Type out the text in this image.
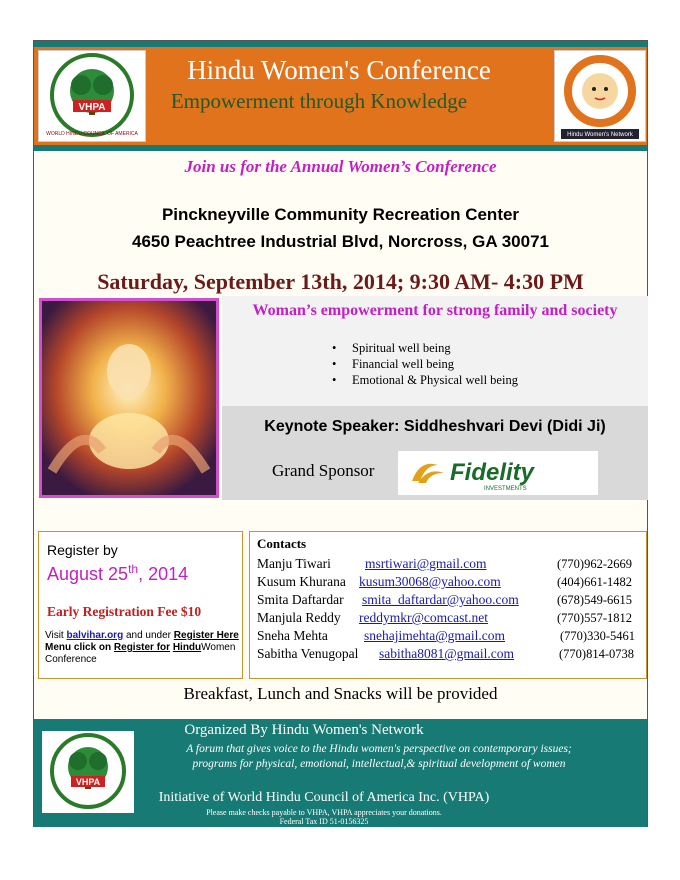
VHPA
WORLD HINDU COUNCIL OF AMERICA
Hindu Women's Conference
Empowerment through Knowledge
Hindu Women's Network
Join us for the Annual Women’s Conference
Pinckneyville Community Recreation Center
4650 Peachtree Industrial Blvd, Norcross, GA 30071
Saturday, September 13th, 2014; 9:30 AM- 4:30 PM
Woman’s empowerment for strong family and society
• Spiritual well being
• Financial well being
• Emotional & Physical well being
Keynote Speaker: Siddheshvari Devi (Didi Ji)
Grand Sponsor	Fidelity
INVESTMENTS
Register by
August 25th, 2014
Early Registration Fee $10
Visit balvihar.org and under Register Here Menu click on Register for HinduWomen Conference
Contacts
Manju Tiwari	msrtiwari@gmail.com	(770)962-2669
Kusum Khurana kusum30068@yahoo.com	(404)661-1482
Smita Daftardar smita_daftardar@yahoo.com	(678)549-6615
Manjula Reddy reddymkr@comcast.net	(770)557-1812
Sneha Mehta	snehajimehta@gmail.com	(770)330-5461
Sabitha Venugopal sabitha8081@gmail.com	(770)814-0738
Breakfast, Lunch and Snacks will be provided
VHPA
Organized By Hindu Women's Network
A forum that gives voice to the Hindu women's perspective on contemporary issues;
programs for physical, emotional, intellectual,& spiritual development of women
Initiative of World Hindu Council of America Inc. (VHPA)
Please make checks payable to VHPA, VHPA appreciates your donations.
Federal Tax ID 51-0156325
